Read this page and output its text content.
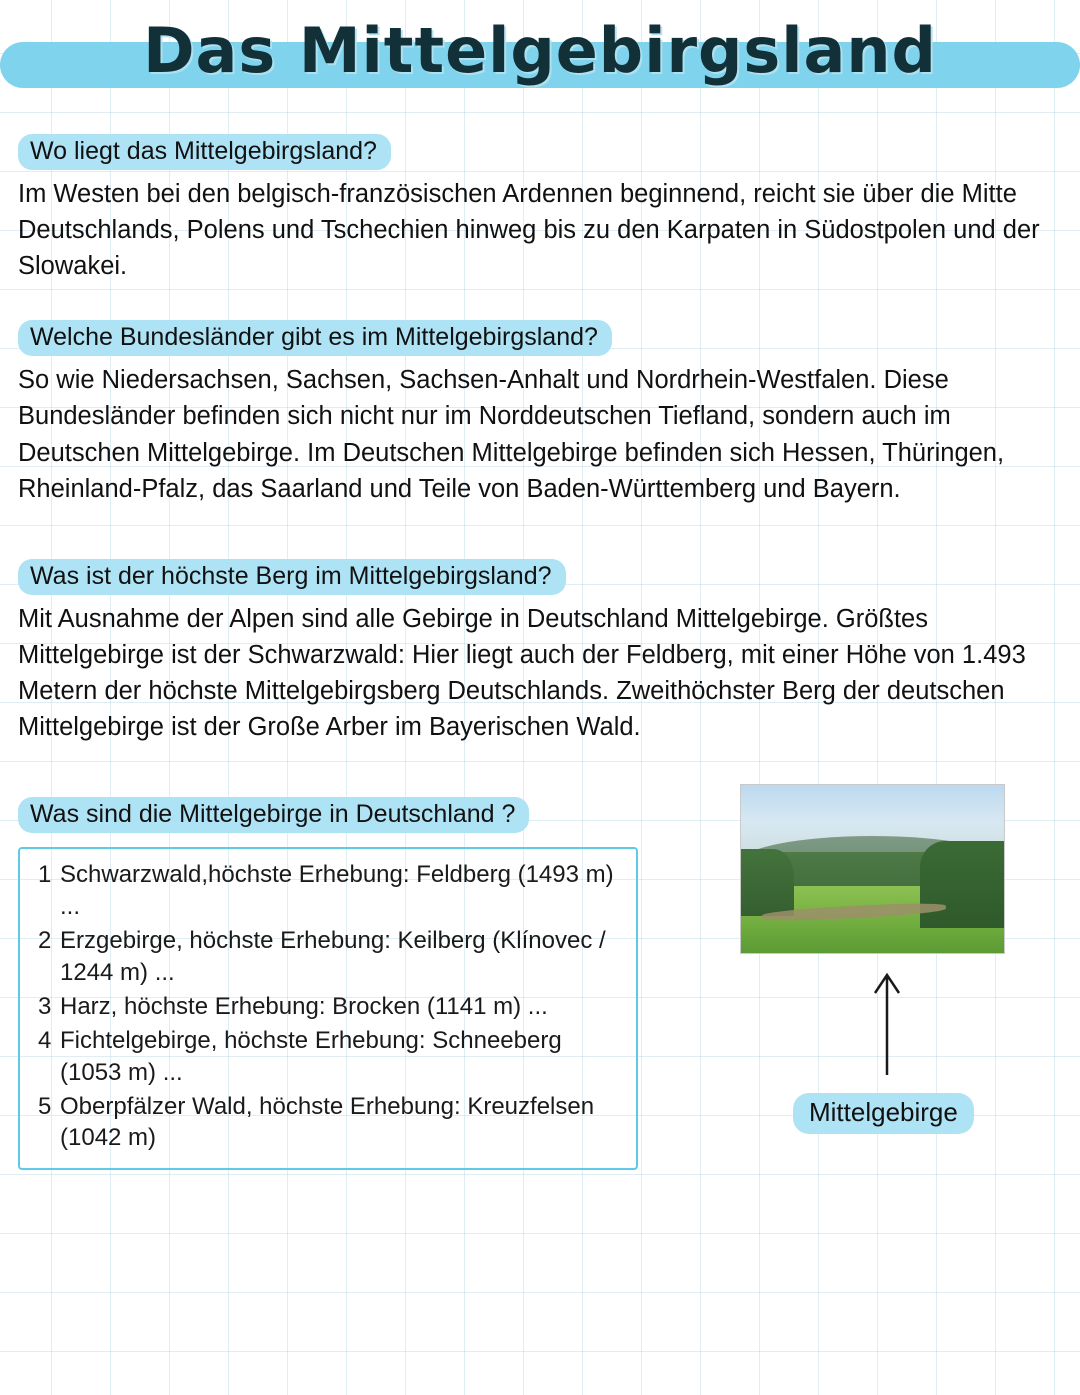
Das Mittelgebirgsland
Wo liegt das Mittelgebirgsland?
Im Westen bei den belgisch-französischen Ardennen beginnend, reicht sie über die Mitte Deutschlands, Polens und Tschechien hinweg bis zu den Karpaten in Südostpolen und der Slowakei.
Welche Bundesländer gibt es im Mittelgebirgsland?
So wie Niedersachsen, Sachsen, Sachsen-Anhalt und Nordrhein-Westfalen. Diese Bundesländer befinden sich nicht nur im Norddeutschen Tiefland, sondern auch im Deutschen Mittelgebirge. Im Deutschen Mittelgebirge befinden sich Hessen, Thüringen, Rheinland-Pfalz, das Saarland und Teile von Baden-Württemberg und Bayern.
Was ist der höchste Berg im Mittelgebirgsland?
Mit Ausnahme der Alpen sind alle Gebirge in Deutschland Mittelgebirge. Größtes Mittelgebirge ist der Schwarzwald: Hier liegt auch der Feldberg, mit einer Höhe von 1.493 Metern der höchste Mittelgebirgsberg Deutschlands. Zweithöchster Berg der deutschen Mittelgebirge ist der Große Arber im Bayerischen Wald.
Was sind die Mittelgebirge in Deutschland ?
1 Schwarzwald,höchste Erhebung: Feldberg (1493 m) ...
2 Erzgebirge, höchste Erhebung: Keilberg (Klínovec / 1244 m) ...
3 Harz, höchste Erhebung: Brocken (1141 m) ...
4 Fichtelgebirge, höchste Erhebung: Schneeberg (1053 m) ...
5 Oberpfälzer Wald, höchste Erhebung: Kreuzfelsen (1042 m)
Mittelgebirge
